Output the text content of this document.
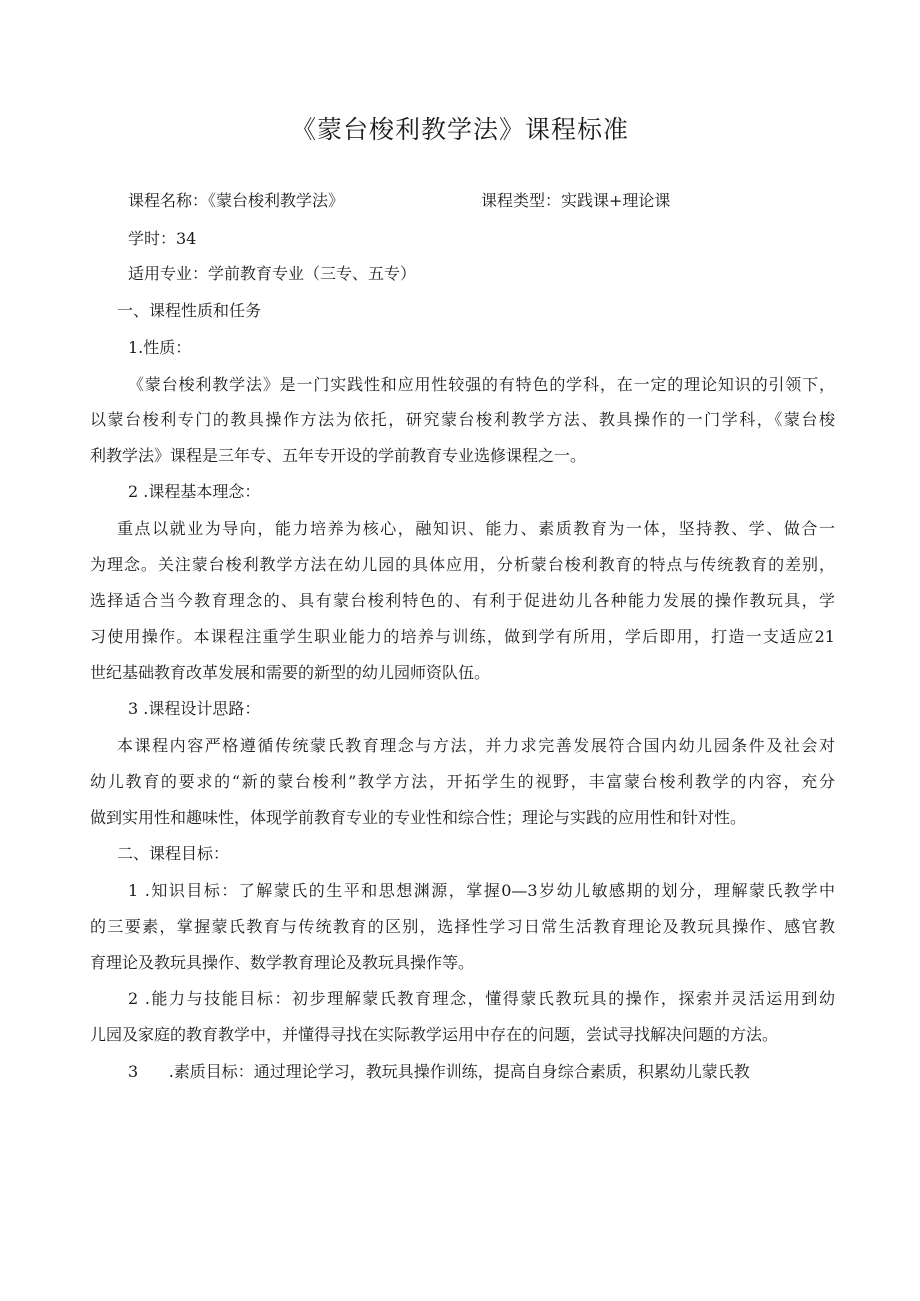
《蒙台梭利教学法》课程标准
课程名称：《蒙台梭利教学法》	课程类型：实践课+理论课
学时：34
适用专业：学前教育专业（三专、五专）
一、课程性质和任务
1.性质：
《蒙台梭利教学法》是一门实践性和应用性较强的有特色的学科，在一定的理论知识的引领下，
以蒙台梭利专门的教具操作方法为依托，研究蒙台梭利教学方法、教具操作的一门学科，《蒙台梭
利教学法》课程是三年专、五年专开设的学前教育专业选修课程之一。
2 .课程基本理念：
重点以就业为导向，能力培养为核心，融知识、能力、素质教育为一体，坚持教、学、做合一
为理念。关注蒙台梭利教学方法在幼儿园的具体应用，分析蒙台梭利教育的特点与传统教育的差别，
选择适合当今教育理念的、具有蒙台梭利特色的、有利于促进幼儿各种能力发展的操作教玩具，学
习使用操作。本课程注重学生职业能力的培养与训练，做到学有所用，学后即用，打造一支适应21
世纪基础教育改革发展和需要的新型的幼儿园师资队伍。
3 .课程设计思路：
本课程内容严格遵循传统蒙氏教育理念与方法，并力求完善发展符合国内幼儿园条件及社会对
幼儿教育的要求的“新的蒙台梭利”教学方法，开拓学生的视野，丰富蒙台梭利教学的内容，充分
做到实用性和趣味性，体现学前教育专业的专业性和综合性；理论与实践的应用性和针对性。
二、课程目标：
1 .知识目标：了解蒙氏的生平和思想渊源，掌握0—3岁幼儿敏感期的划分，理解蒙氏教学中
的三要素，掌握蒙氏教育与传统教育的区别，选择性学习日常生活教育理论及教玩具操作、感官教
育理论及教玩具操作、数学教育理论及教玩具操作等。
2 .能力与技能目标：初步理解蒙氏教育理念，懂得蒙氏教玩具的操作，探索并灵活运用到幼
儿园及家庭的教育教学中，并懂得寻找在实际教学运用中存在的问题，尝试寻找解决问题的方法。
3      .素质目标：通过理论学习，教玩具操作训练，提高自身综合素质，积累幼儿蒙氏教
